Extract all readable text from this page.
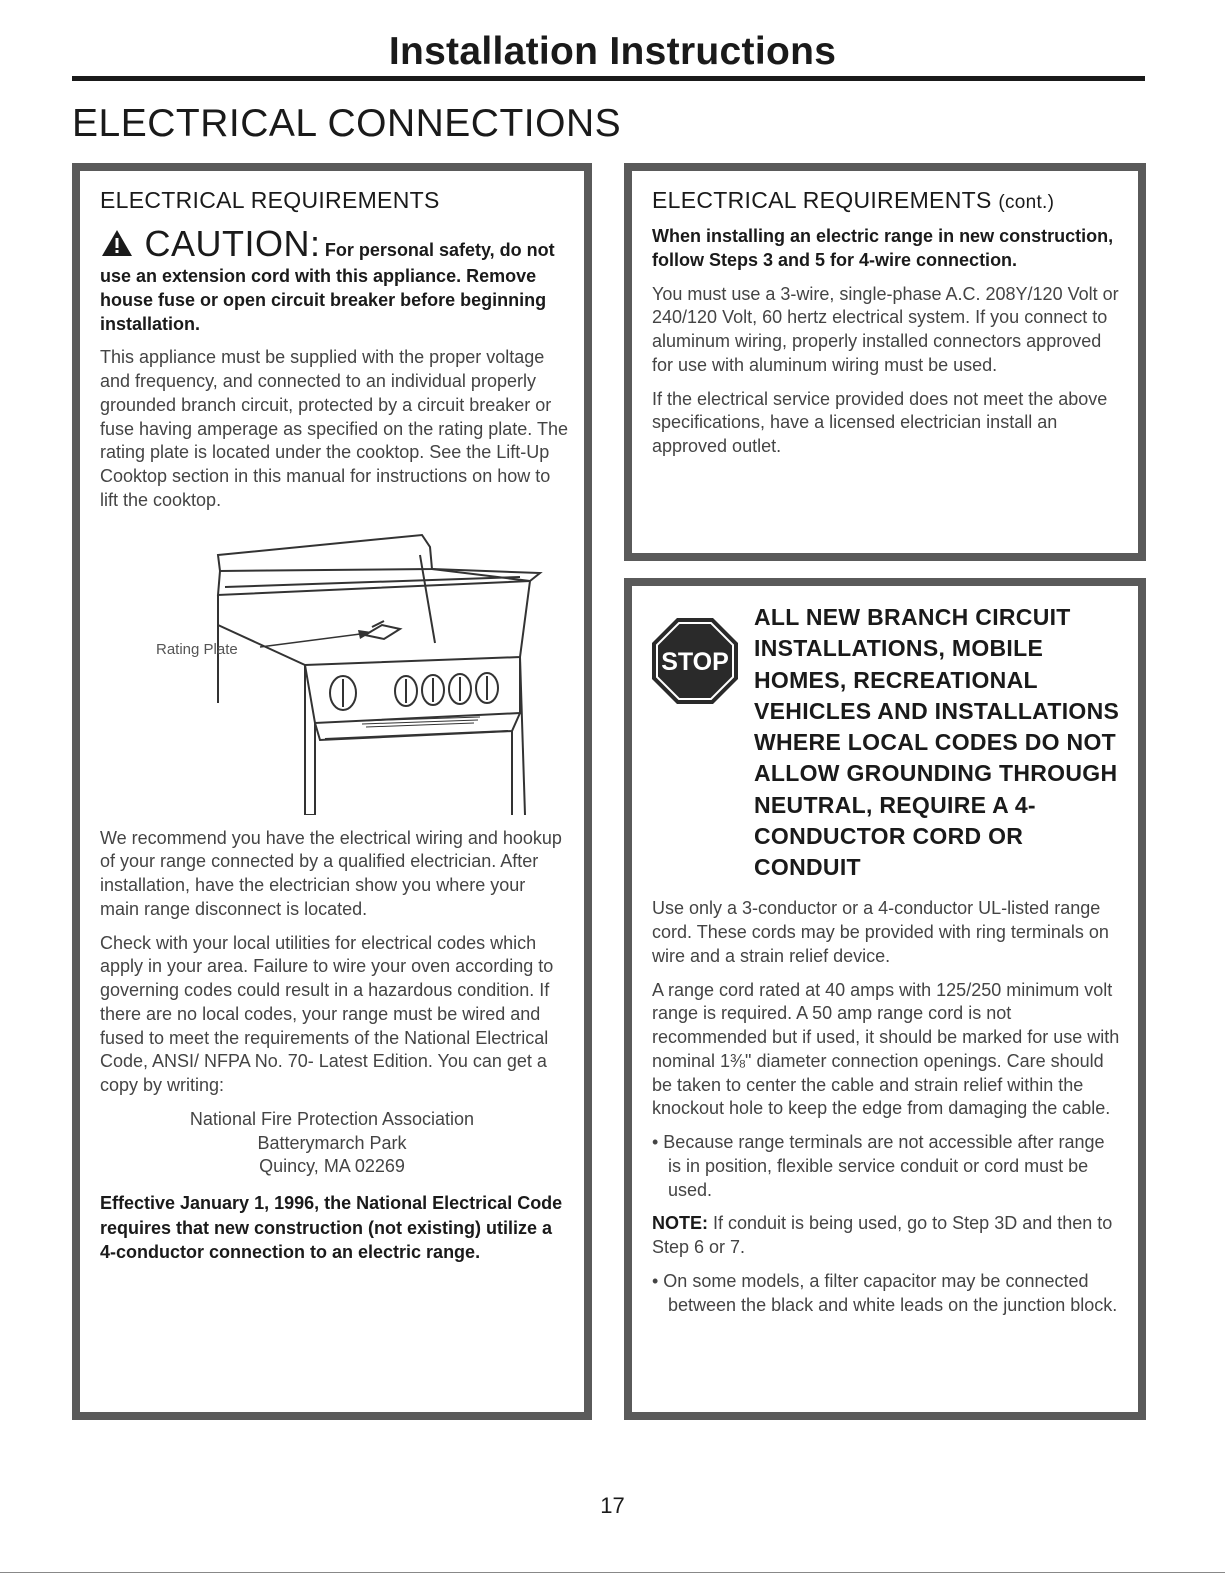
Installation Instructions
ELECTRICAL CONNECTIONS
ELECTRICAL REQUIREMENTS
CAUTION: For personal safety, do not

use an extension cord with this appliance. Remove house fuse or open circuit breaker before beginning installation.

This appliance must be supplied with the proper voltage and frequency, and connected to an individual properly grounded branch circuit, protected by a circuit breaker or fuse having amperage as specified on the rating plate. The rating plate is located under the cooktop. See the Lift-Up Cooktop section in this manual for instructions on how to lift the cooktop.

Rating Plate

We recommend you have the electrical wiring and hookup of your range connected by a qualified electrician. After installation, have the electrician show you where your main range disconnect is located.

Check with your local utilities for electrical codes which apply in your area. Failure to wire your oven according to governing codes could result in a hazardous condition. If there are no local codes, your range must be wired and fused to meet the requirements of the National Electrical Code, ANSI/ NFPA No. 70- Latest Edition. You can get a copy by writing:

National Fire Protection Association
Batterymarch Park
Quincy, MA 02269

Effective January 1, 1996, the National Electrical Code requires that new construction (not existing) utilize a 4-conductor connection to an electric range.

ELECTRICAL REQUIREMENTS (cont.)

When installing an electric range in new construction, follow Steps 3 and 5 for 4-wire connection.

You must use a 3-wire, single-phase A.C. 208Y/120 Volt or 240/120 Volt, 60 hertz electrical system. If you connect to aluminum wiring, properly installed connectors approved for use with aluminum wiring must be used.

If the electrical service provided does not meet the above specifications, have a licensed electrician install an approved outlet.

STOP
ALL NEW BRANCH CIRCUIT INSTALLATIONS, MOBILE HOMES, RECREATIONAL VEHICLES AND INSTALLATIONS WHERE LOCAL CODES DO NOT ALLOW GROUNDING THROUGH NEUTRAL, REQUIRE A 4-CONDUCTOR CORD OR CONDUIT

Use only a 3-conductor or a 4-conductor UL-listed range cord. These cords may be provided with ring terminals on wire and a strain relief device.

A range cord rated at 40 amps with 125/250 minimum volt range is required. A 50 amp range cord is not recommended but if used, it should be marked for use with nominal 1⅜" diameter connection openings. Care should be taken to center the cable and strain relief within the knockout hole to keep the edge from damaging the cable.

• Because range terminals are not accessible after range is in position, flexible service conduit or cord must be used.

NOTE: If conduit is being used, go to Step 3D and then to Step 6 or 7.

• On some models, a filter capacitor may be connected between the black and white leads on the junction block.

17
